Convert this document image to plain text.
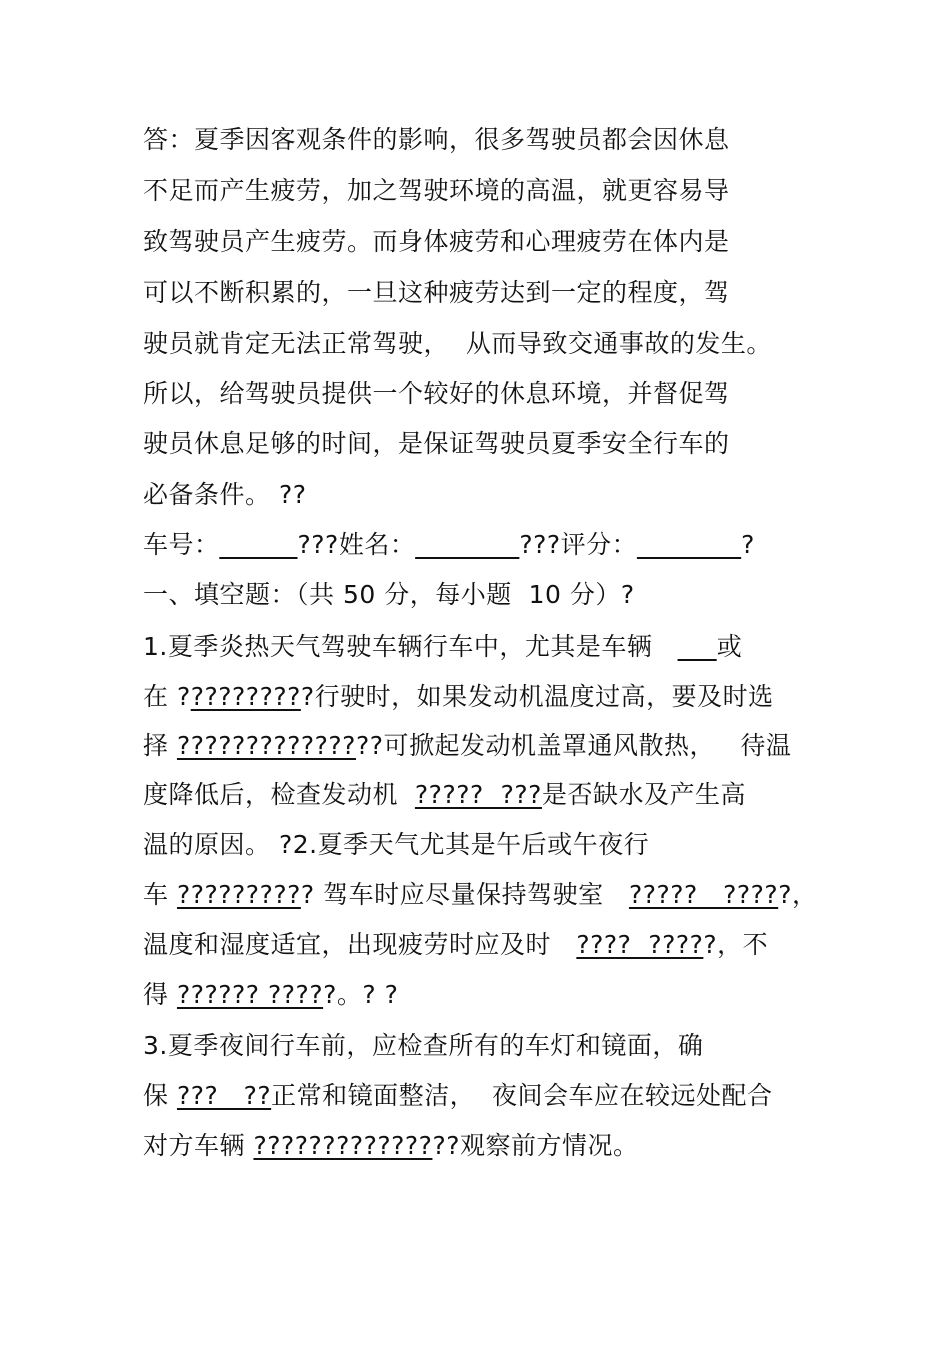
答：夏季因客观条件的影响，很多驾驶员都会因休息
不足而产生疲劳，加之驾驶环境的高温，就更容易导
致驾驶员产生疲劳。而身体疲劳和心理疲劳在体内是
可以不断积累的，一旦这种疲劳达到一定的程度，驾
驶员就肯定无法正常驾驶，  从而导致交通事故的发生。
所以，给驾驶员提供一个较好的休息环境，并督促驾
驶员休息足够的时间，是保证驾驶员夏季安全行车的
必备条件。 ??
车号：______???姓名：________???评分：________?
一、填空题：（共 50 分，每小题  10 分）?
1.夏季炎热天气驾驶车辆行车中，尤其是车辆   ___或
在 ??????????行驶时，如果发动机温度过高，要及时选
择 ???????????????可掀起发动机盖罩通风散热，   待温
度降低后，检查发动机  ?????  ???是否缺水及产生高
温的原因。 ?2.夏季天气尤其是午后或午夜行
车 ?????????? 驾车时应尽量保持驾驶室   ?????   ?????，
温度和湿度适宜，出现疲劳时应及时   ????  ?????，不
得 ?????? ?????。? ?
3.夏季夜间行车前，应检查所有的车灯和镜面，确
保 ???   ??正常和镜面整洁，  夜间会车应在较远处配合
对方车辆 ???????????????观察前方情况。
